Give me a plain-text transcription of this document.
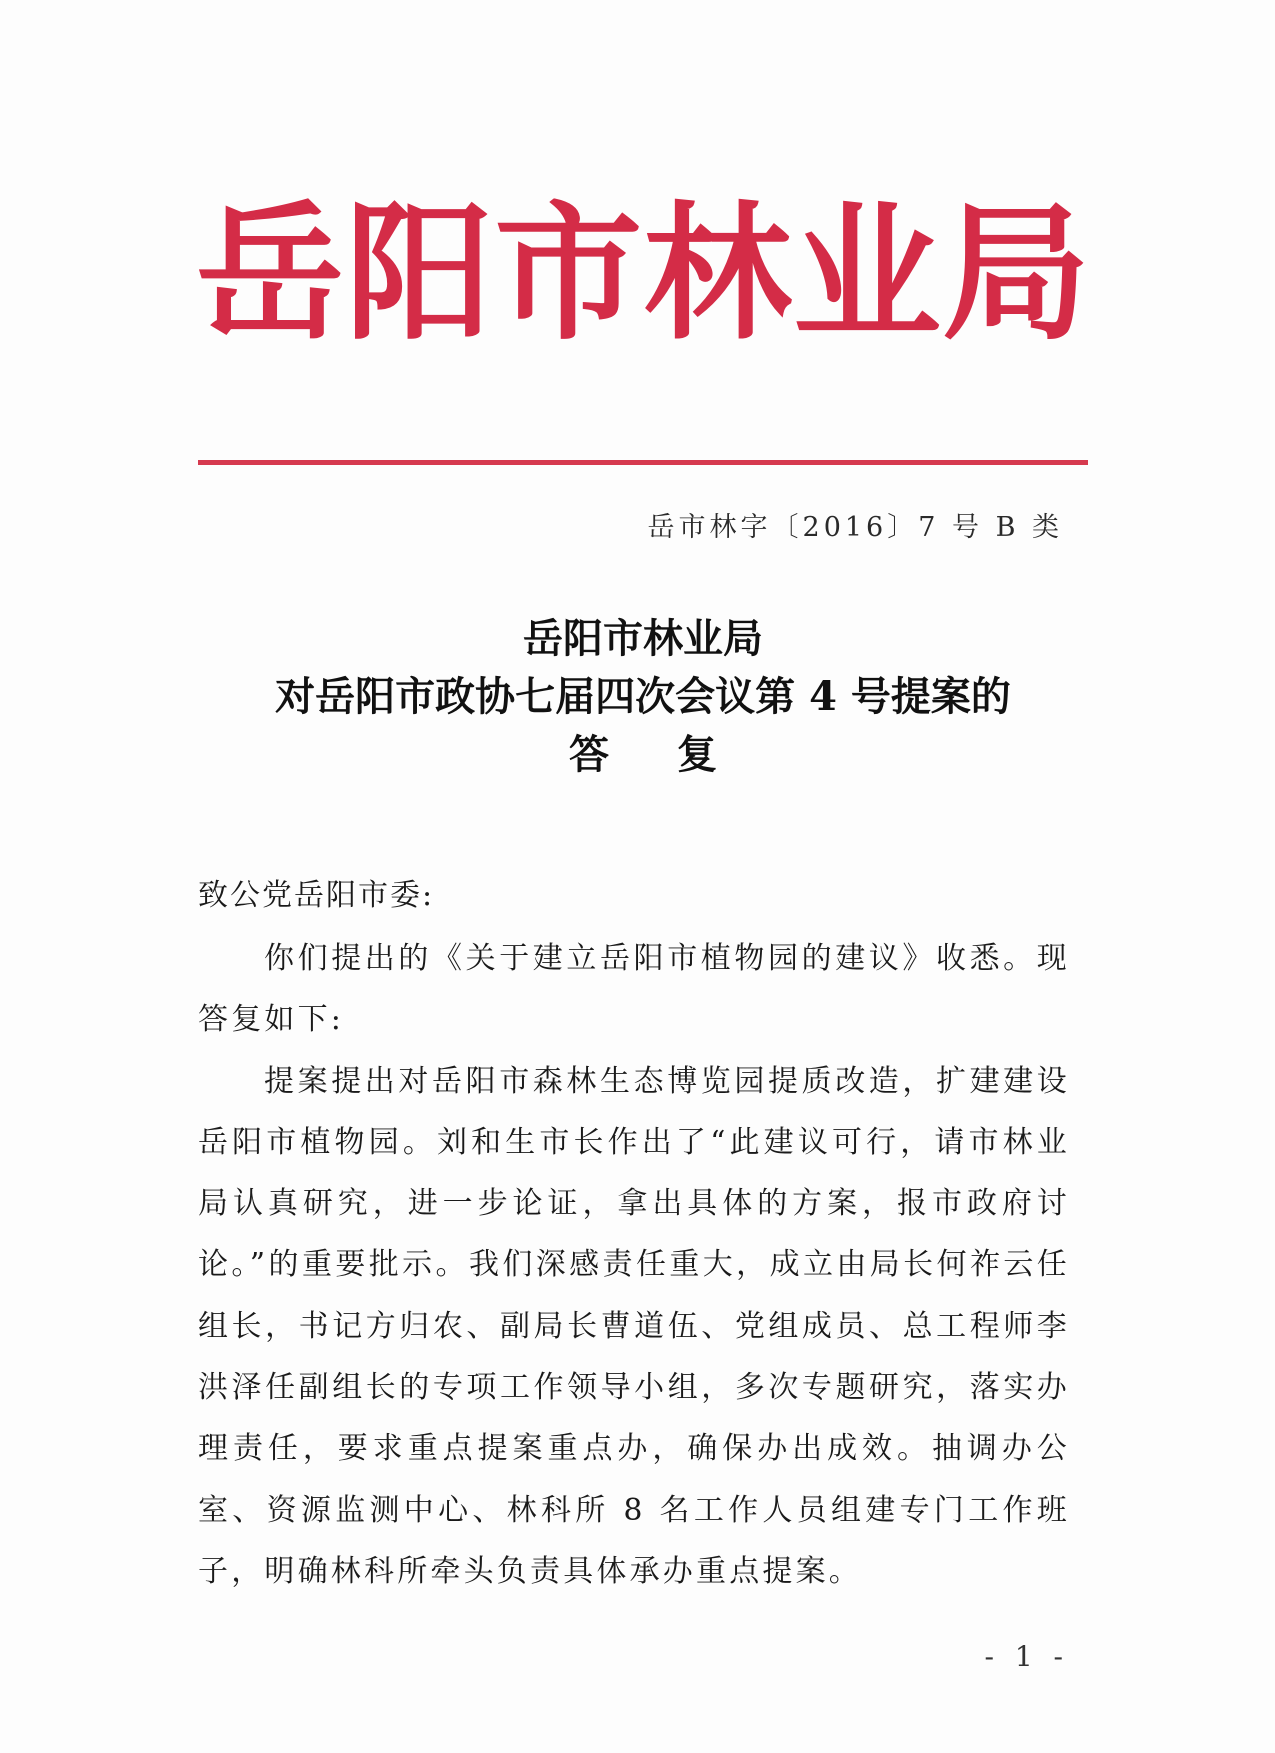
岳 阳 市 林 业 局
岳市林字〔2016〕7 号 B 类
岳阳市林业局
对岳阳市政协七届四次会议第 4 号提案的
答复
致公党岳阳市委:

你们提出的《关于建立岳阳市植物园的建议》收悉。现答复如下:

提案提出对岳阳市森林生态博览园提质改造，扩建建设岳阳市植物园。刘和生市长作出了“此建议可行，请市林业局认真研究，进一步论证，拿出具体的方案，报市政府讨论。”的重要批示。我们深感责任重大，成立由局长何祚云任组长，书记方归农、副局长曹道伍、党组成员、总工程师李洪泽任副组长的专项工作领导小组，多次专题研究，落实办理责任，要求重点提案重点办，确保办出成效。抽调办公室、资源监测中心、林科所 8 名工作人员组建专门工作班子，明确林科所牵头负责具体承办重点提案。

- 1 -
